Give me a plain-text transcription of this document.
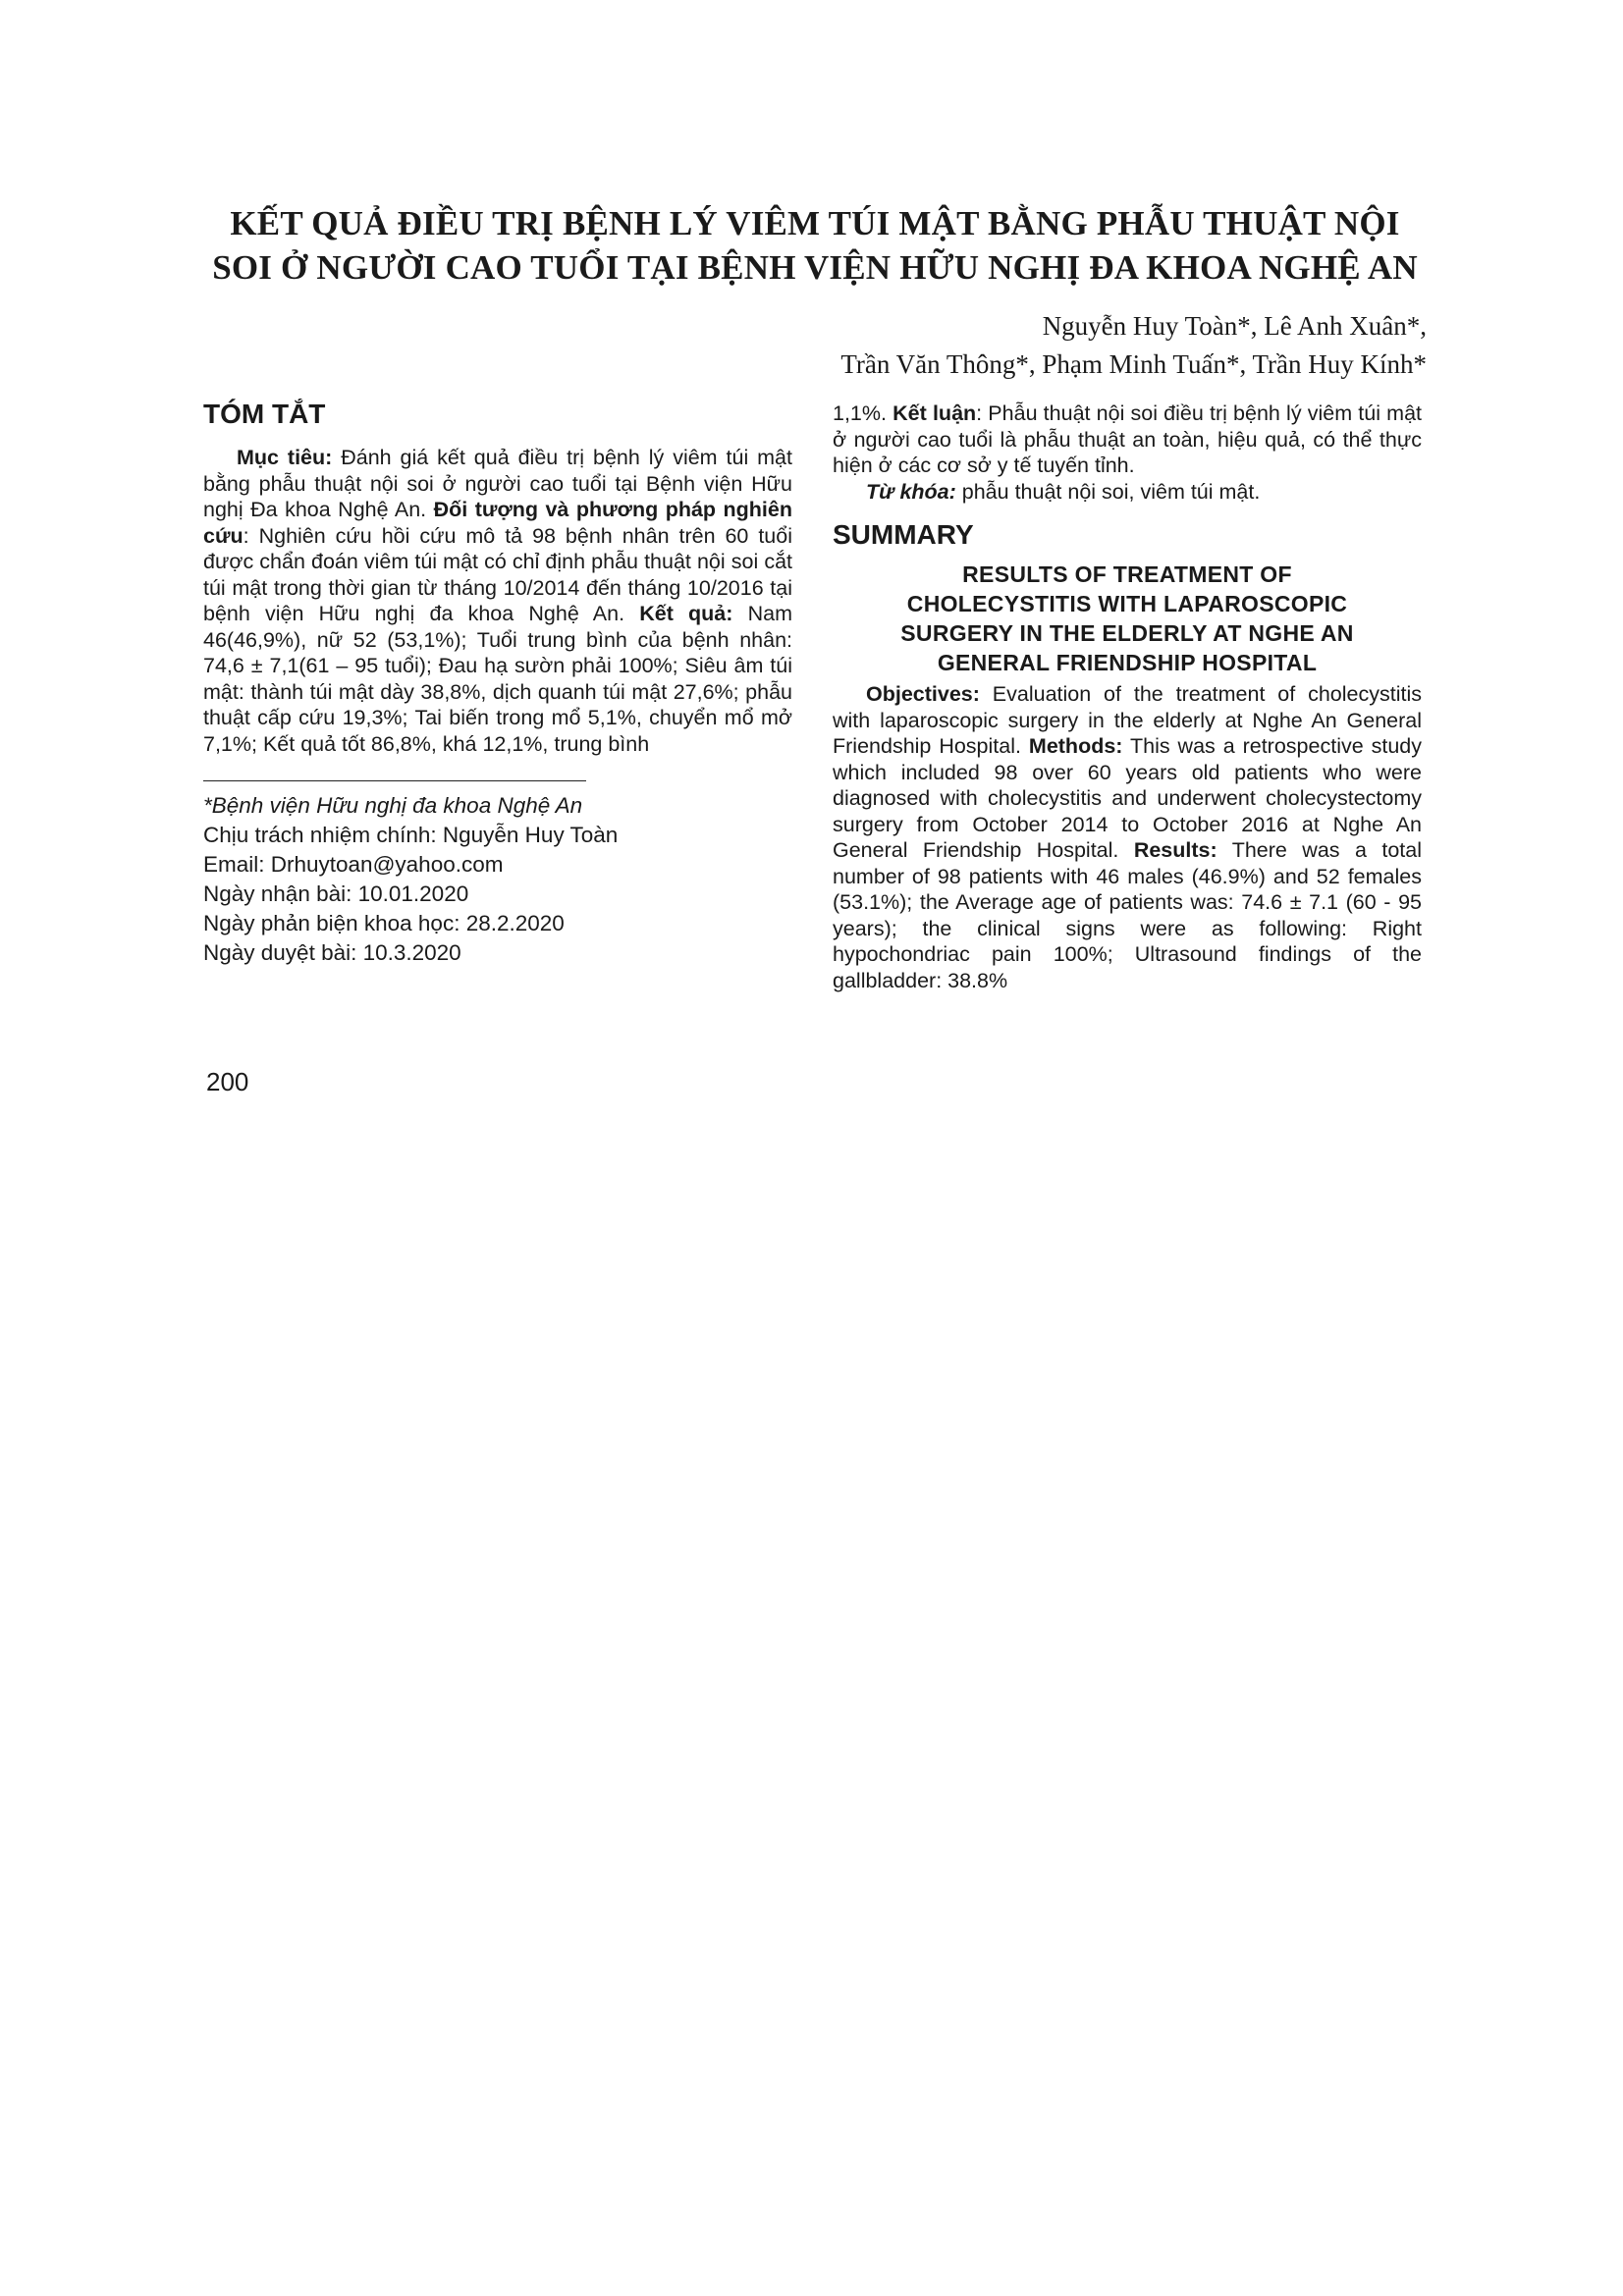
KẾT QUẢ ĐIỀU TRỊ BỆNH LÝ VIÊM TÚI MẬT BẰNG PHẪU THUẬT NỘI
SOI Ở NGƯỜI CAO TUỔI TẠI BỆNH VIỆN HỮU NGHỊ ĐA KHOA NGHỆ AN
Nguyễn Huy Toàn*, Lê Anh Xuân*,
Trần Văn Thông*, Phạm Minh Tuấn*, Trần Huy Kính*
TÓM TẮT

Mục tiêu: Đánh giá kết quả điều trị bệnh lý viêm túi mật bằng phẫu thuật nội soi ở người cao tuổi tại Bệnh viện Hữu nghị Đa khoa Nghệ An. Đối tượng và phương pháp nghiên cứu: Nghiên cứu hồi cứu mô tả 98 bệnh nhân trên 60 tuổi được chẩn đoán viêm túi mật có chỉ định phẫu thuật nội soi cắt túi mật trong thời gian từ tháng 10/2014 đến tháng 10/2016 tại bệnh viện Hữu nghị đa khoa Nghệ An. Kết quả: Nam 46(46,9%), nữ 52 (53,1%); Tuổi trung bình của bệnh nhân: 74,6 ± 7,1(61 – 95 tuổi); Đau hạ sườn phải 100%; Siêu âm túi mật: thành túi mật dày 38,8%, dịch quanh túi mật 27,6%; phẫu thuật cấp cứu 19,3%; Tai biến trong mổ 5,1%, chuyển mổ mở 7,1%; Kết quả tốt 86,8%, khá 12,1%, trung bình

*Bệnh viện Hữu nghị đa khoa Nghệ An
Chịu trách nhiệm chính: Nguyễn Huy Toàn
Email: Drhuytoan@yahoo.com
Ngày nhận bài: 10.01.2020
Ngày phản biện khoa học: 28.2.2020
Ngày duyệt bài: 10.3.2020

1,1%. Kết luận: Phẫu thuật nội soi điều trị bệnh lý viêm túi mật ở người cao tuổi là phẫu thuật an toàn, hiệu quả, có thể thực hiện ở các cơ sở y tế tuyến tỉnh.

Từ khóa: phẫu thuật nội soi, viêm túi mật.

SUMMARY
RESULTS OF TREATMENT OF
CHOLECYSTITIS WITH LAPAROSCOPIC
SURGERY IN THE ELDERLY AT NGHE AN
GENERAL FRIENDSHIP HOSPITAL

Objectives: Evaluation of the treatment of cholecystitis with laparoscopic surgery in the elderly at Nghe An General Friendship Hospital. Methods: This was a retrospective study which included 98 over 60 years old patients who were diagnosed with cholecystitis and underwent cholecystectomy surgery from October 2014 to October 2016 at Nghe An General Friendship Hospital. Results: There was a total number of 98 patients with 46 males (46.9%) and 52 females (53.1%); the Average age of patients was: 74.6 ± 7.1 (60 - 95 years); the clinical signs were as following: Right hypochondriac pain 100%; Ultrasound findings of the gallbladder: 38.8%

200
